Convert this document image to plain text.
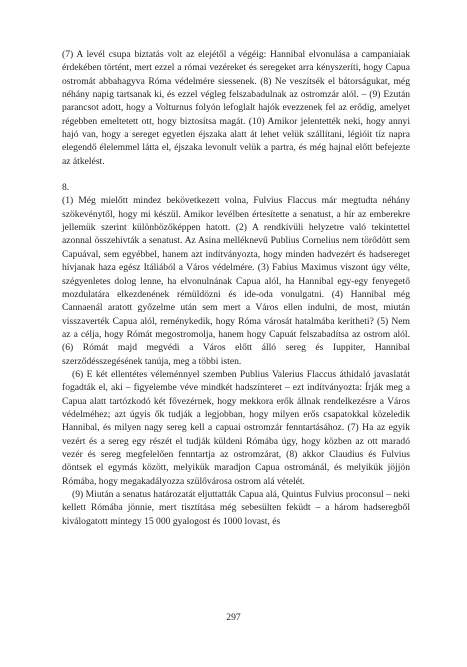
(7) A levél csupa biztatás volt az elejétől a végéig: Hannibal elvonulása a campaniaiak érdekében történt, mert ezzel a római vezéreket és seregeket arra kényszeríti, hogy Capua ostromát abbahagyva Róma védelmére siessenek. (8) Ne veszítsék el bátorságukat, még néhány napig tartsanak ki, és ezzel végleg felszabadulnak az ostromzár alól. – (9) Ezután parancsot adott, hogy a Volturnus folyón lefoglalt hajók evezzenek fel az erődig, amelyet régebben emeltetett ott, hogy biztosítsa magát. (10) Amikor jelentették neki, hogy annyi hajó van, hogy a sereget egyetlen éjszaka alatt át lehet velük szállítani, légióit tíz napra elegendő élelemmel látta el, éjszaka levonult velük a partra, és még hajnal előtt befejezte az átkelést.

8.

(1) Még mielőtt mindez bekövetkezett volna, Fulvius Flaccus már megtudta néhány szökevénytől, hogy mi készül. Amikor levélben értesítette a senatust, a hír az emberekre jellemük szerint különbözőképpen hatott. (2) A rendkívüli helyzetre való tekintettel azonnal összehívták a senatust. Az Asina melléknevű Publius Cornelius nem törődött sem Capuával, sem egyébbel, hanem azt indítványozta, hogy minden hadvezért és hadsereget hívjanak haza egész Itáliából a Város védelmére. (3) Fabius Maximus viszont úgy vélte, szégyenletes dolog lenne, ha elvonulnának Capua alól, ha Hannibal egy-egy fenyegető mozdulatára elkezdenének rémüldözni és ide-oda vonulgatni. (4) Hannibal még Cannaenál aratott győzelme után sem mert a Város ellen indulni, de most, miután visszaverték Capua alól, reménykedik, hogy Róma városát hatalmába kerítheti? (5) Nem az a célja, hogy Rómát megostromolja, hanem hogy Capuát felszabadítsa az ostrom alól. (6) Rómát majd megvédi a Város előtt álló sereg és Iuppiter, Hannibal szerződésszegésének tanúja, meg a többi isten.

(6) E két ellentétes véleménnyel szemben Publius Valerius Flaccus áthidaló javaslatát fogadták el, aki – figyelembe véve mindkét hadszínteret – ezt indítványozta: Írják meg a Capua alatt tartózkodó két fővezérnek, hogy mekkora erők állnak rendelkezésre a Város védelméhez; azt úgyis ők tudják a legjobban, hogy milyen erős csapatokkal közeledik Hannibal, és milyen nagy sereg kell a capuai ostromzár fenntartásához. (7) Ha az egyik vezért és a sereg egy részét el tudják küldeni Rómába úgy, hogy közben az ott maradó vezér és sereg megfelelően fenntartja az ostromzárat, (8) akkor Claudius és Fulvius döntsek el egymás között, melyikük maradjon Capua ostrománál, és melyikük jöjjön Rómába, hogy megakadályozza szülővárosa ostrom alá vételét.

(9) Miután a senatus határozatát eljuttatták Capua alá, Quintus Fulvius proconsul – neki kellett Rómába jönnie, mert tisztítása még sebesülten feküdt – a három hadseregből kiválogatott mintegy 15 000 gyalogost és 1000 lovast, és

297
